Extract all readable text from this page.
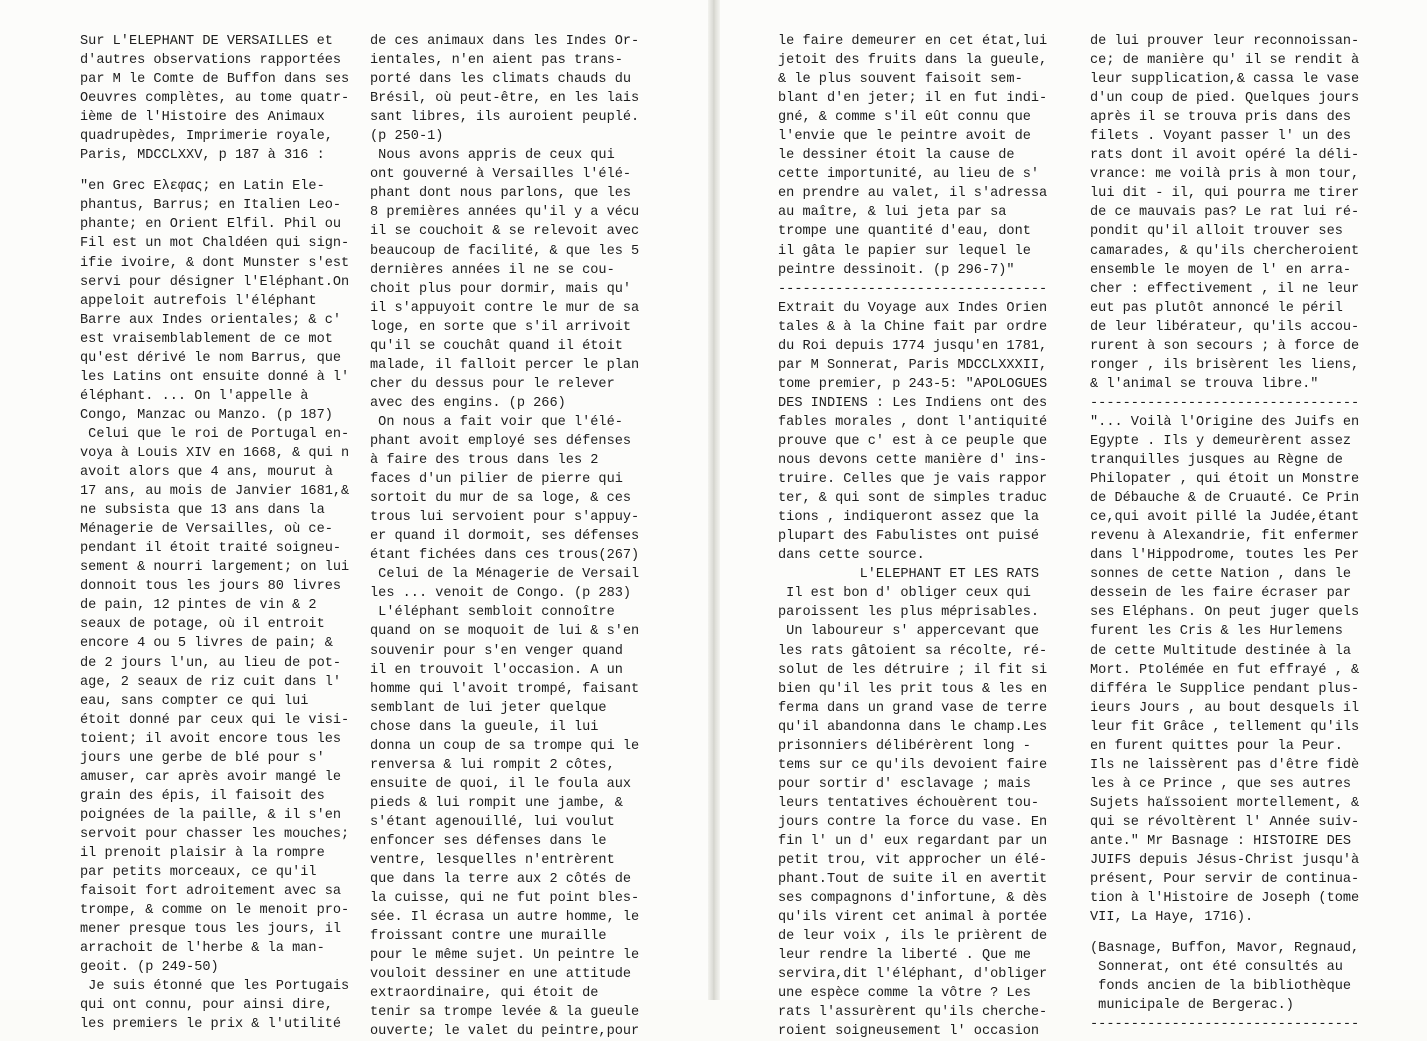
Sur L'ELEPHANT DE VERSAILLES et
d'autres observations rapportées
par M le Comte de Buffon dans ses
Oeuvres complètes, au tome quatr-
ième de l'Histoire des Animaux
quadrupèdes, Imprimerie royale,
Paris, MDCCLXXV, p 187 à 316 :
"en Grec Eλεφας; en Latin Ele-
phantus, Barrus; en Italien Leo-
phante; en Orient Elfil. Phil ou
Fil est un mot Chaldéen qui sign-
ifie ivoire, & dont Munster s'est
servi pour désigner l'Eléphant.On
appeloit autrefois l'éléphant
Barre aux Indes orientales; & c'
est vraisemblablement de ce mot
qu'est dérivé le nom Barrus, que
les Latins ont ensuite donné à l'
éléphant. ... On l'appelle à
Congo, Manzac ou Manzo. (p 187)
Celui que le roi de Portugal en-
voya à Louis XIV en 1668, & qui n
avoit alors que 4 ans, mourut à
17 ans, au mois de Janvier 1681,&
ne subsista que 13 ans dans la
Ménagerie de Versailles, où ce-
pendant il étoit traité soigneu-
sement & nourri largement; on lui
donnoit tous les jours 80 livres
de pain, 12 pintes de vin & 2
seaux de potage, où il entroit
encore 4 ou 5 livres de pain; &
de 2 jours l'un, au lieu de pot-
age, 2 seaux de riz cuit dans l'
eau, sans compter ce qui lui
étoit donné par ceux qui le visi-
toient; il avoit encore tous les
jours une gerbe de blé pour s'
amuser, car après avoir mangé le
grain des épis, il faisoit des
poignées de la paille, & il s'en
servoit pour chasser les mouches;
il prenoit plaisir à la rompre
par petits morceaux, ce qu'il
faisoit fort adroitement avec sa
trompe, & comme on le menoit pro-
mener presque tous les jours, il
arrachoit de l'herbe & la man-
geoit. (p 249-50)
Je suis étonné que les Portugais
qui ont connu, pour ainsi dire,
les premiers le prix & l'utilité
de ces animaux dans les Indes Or-
ientales, n'en aient pas trans-
porté dans les climats chauds du
Brésil, où peut-être, en les lais
sant libres, ils auroient peuplé.
(p 250-1)
Nous avons appris de ceux qui
ont gouverné à Versailles l'élé-
phant dont nous parlons, que les
8 premières années qu'il y a vécu
il se couchoit & se relevoit avec
beaucoup de facilité, & que les 5
dernières années il ne se cou-
choit plus pour dormir, mais qu'
il s'appuyoit contre le mur de sa
loge, en sorte que s'il arrivoit
qu'il se couchât quand il étoit
malade, il falloit percer le plan
cher du dessus pour le relever
avec des engins. (p 266)
On nous a fait voir que l'élé-
phant avoit employé ses défenses
à faire des trous dans les 2
faces d'un pilier de pierre qui
sortoit du mur de sa loge, & ces
trous lui servoient pour s'appuy-
er quand il dormoit, ses défenses
étant fichées dans ces trous(267)
Celui de la Ménagerie de Versail
les ... venoit de Congo. (p 283)
L'éléphant sembloit connoître
quand on se moquoit de lui & s'en
souvenir pour s'en venger quand
il en trouvoit l'occasion. A un
homme qui l'avoit trompé, faisant
semblant de lui jeter quelque
chose dans la gueule, il lui
donna un coup de sa trompe qui le
renversa & lui rompit 2 côtes,
ensuite de quoi, il le foula aux
pieds & lui rompit une jambe, &
s'étant agenouillé, lui voulut
enfoncer ses défenses dans le
ventre, lesquelles n'entrèrent
que dans la terre aux 2 côtés de
la cuisse, qui ne fut point bles-
sée. Il écrasa un autre homme, le
froissant contre une muraille
pour le même sujet. Un peintre le
vouloit dessiner en une attitude
extraordinaire, qui étoit de
tenir sa trompe levée & la gueule
ouverte; le valet du peintre,pour
le faire demeurer en cet état,lui
jetoit des fruits dans la gueule,
& le plus souvent faisoit sem-
blant d'en jeter; il en fut indi-
gné, & comme s'il eût connu que
l'envie que le peintre avoit de
le dessiner étoit la cause de
cette importunité, au lieu de s'
en prendre au valet, il s'adressa
au maître, & lui jeta par sa
trompe une quantité d'eau, dont
il gâta le papier sur lequel le
peintre dessinoit. (p 296-7)"
---------------------------------
Extrait du Voyage aux Indes Orien
tales & à la Chine fait par ordre
du Roi depuis 1774 jusqu'en 1781,
par M Sonnerat, Paris MDCCLXXXII,
tome premier, p 243-5: "APOLOGUES
DES INDIENS : Les Indiens ont des
fables morales , dont l'antiquité
prouve que c' est à ce peuple que
nous devons cette manière d' ins-
truire. Celles que je vais rappor
ter, & qui sont de simples traduc
tions , indiqueront assez que la
plupart des Fabulistes ont puisé
dans cette source.
L'ELEPHANT ET LES RATS
Il est bon d' obliger ceux qui
paroissent les plus méprisables.
Un laboureur s' appercevant que
les rats gâtoient sa récolte, ré-
solut de les détruire ; il fit si
bien qu'il les prit tous & les en
ferma dans un grand vase de terre
qu'il abandonna dans le champ.Les
prisonniers délibérèrent long -
tems sur ce qu'ils devoient faire
pour sortir d' esclavage ; mais
leurs tentatives échouèrent tou-
jours contre la force du vase. En
fin l' un d' eux regardant par un
petit trou, vit approcher un élé-
phant.Tout de suite il en avertit
ses compagnons d'infortune, & dès
qu'ils virent cet animal à portée
de leur voix , ils le prièrent de
leur rendre la liberté . Que me
servira,dit l'éléphant, d'obliger
une espèce comme la vôtre ? Les
rats l'assurèrent qu'ils cherche-
roient soigneusement l' occasion
de lui prouver leur reconnoissan-
ce; de manière qu' il se rendit à
leur supplication,& cassa le vase
d'un coup de pied. Quelques jours
après il se trouva pris dans des
filets . Voyant passer l' un des
rats dont il avoit opéré la déli-
vrance: me voilà pris à mon tour,
lui dit - il, qui pourra me tirer
de ce mauvais pas? Le rat lui ré-
pondit qu'il alloit trouver ses
camarades, & qu'ils chercheroient
ensemble le moyen de l' en arra-
cher : effectivement , il ne leur
eut pas plutôt annoncé le péril
de leur libérateur, qu'ils accou-
rurent à son secours ; à force de
ronger , ils brisèrent les liens,
& l'animal se trouva libre."
---------------------------------
"... Voilà l'Origine des Juifs en
Egypte . Ils y demeurèrent assez
tranquilles jusques au Règne de
Philopater , qui étoit un Monstre
de Débauche & de Cruauté. Ce Prin
ce,qui avoit pillé la Judée,étant
revenu à Alexandrie, fit enfermer
dans l'Hippodrome, toutes les Per
sonnes de cette Nation , dans le
dessein de les faire écraser par
ses Eléphans. On peut juger quels
furent les Cris & les Hurlemens
de cette Multitude destinée à la
Mort. Ptolémée en fut effrayé , &
différa le Supplice pendant plus-
ieurs Jours , au bout desquels il
leur fit Grâce , tellement qu'ils
en furent quittes pour la Peur.
Ils ne laissèrent pas d'être fidè
les à ce Prince , que ses autres
Sujets haïssoient mortellement, &
qui se révoltèrent l' Année suiv-
ante." Mr Basnage : HISTOIRE DES
JUIFS depuis Jésus-Christ jusqu'à
présent, Pour servir de continua-
tion à l'Histoire de Joseph (tome
VII, La Haye, 1716).
(Basnage, Buffon, Mavor, Regnaud,
Sonnerat, ont été consultés au
fonds ancien de la bibliothèque
municipale de Bergerac.)
---------------------------------
